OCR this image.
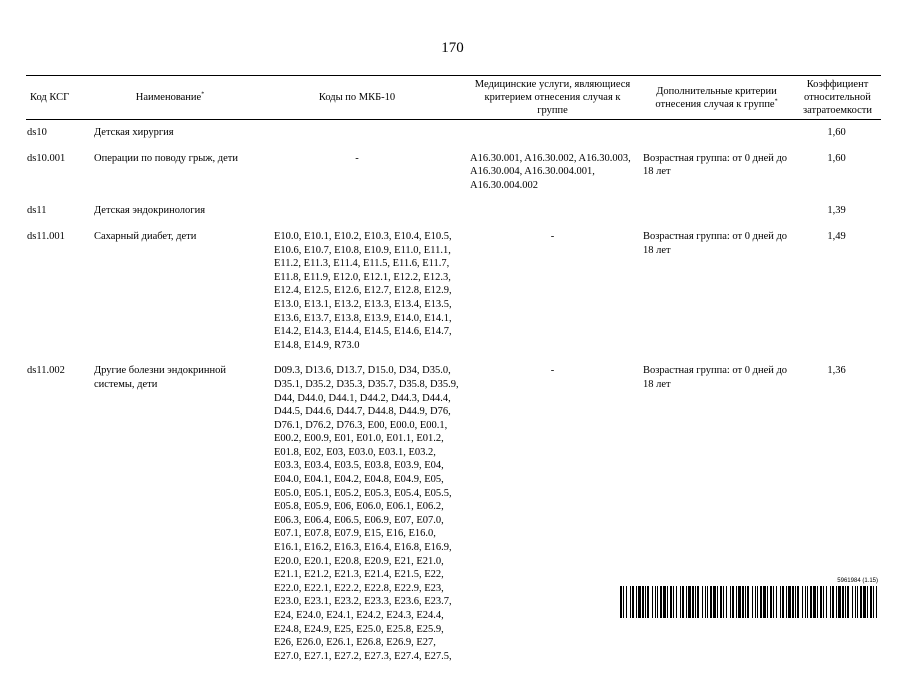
170
Код КСГ	Наименование*	Коды по МКБ-10	Медицинские услуги, являющиеся критерием отнесения случая к группе	Дополнительные критерии отнесения случая к группе*	Коэффициент относительной затратоемкости

ds10	Детская хирургия				1,60
ds10.001	Операции по поводу грыж, дети	-	A16.30.001, A16.30.002, A16.30.003, A16.30.004, A16.30.004.001, A16.30.004.002	Возрастная группа: от 0 дней до 18 лет	1,60
ds11	Детская эндокринология				1,39
ds11.001	Сахарный диабет, дети	E10.0, E10.1, E10.2, E10.3, E10.4, E10.5, E10.6, E10.7, E10.8, E10.9, E11.0, E11.1, E11.2, E11.3, E11.4, E11.5, E11.6, E11.7, E11.8, E11.9, E12.0, E12.1, E12.2, E12.3, E12.4, E12.5, E12.6, E12.7, E12.8, E12.9, E13.0, E13.1, E13.2, E13.3, E13.4, E13.5, E13.6, E13.7, E13.8, E13.9, E14.0, E14.1, E14.2, E14.3, E14.4, E14.5, E14.6, E14.7, E14.8, E14.9, R73.0	-	Возрастная группа: от 0 дней до 18 лет	1,49
ds11.002	Другие болезни эндокринной системы, дети	D09.3, D13.6, D13.7, D15.0, D34, D35.0, D35.1, D35.2, D35.3, D35.7, D35.8, D35.9, D44, D44.0, D44.1, D44.2, D44.3, D44.4, D44.5, D44.6, D44.7, D44.8, D44.9, D76, D76.1, D76.2, D76.3, E00, E00.0, E00.1, E00.2, E00.9, E01, E01.0, E01.1, E01.2, E01.8, E02, E03, E03.0, E03.1, E03.2, E03.3, E03.4, E03.5, E03.8, E03.9, E04, E04.0, E04.1, E04.2, E04.8, E04.9, E05, E05.0, E05.1, E05.2, E05.3, E05.4, E05.5, E05.8, E05.9, E06, E06.0, E06.1, E06.2, E06.3, E06.4, E06.5, E06.9, E07, E07.0, E07.1, E07.8, E07.9, E15, E16, E16.0, E16.1, E16.2, E16.3, E16.4, E16.8, E16.9, E20.0, E20.1, E20.8, E20.9, E21, E21.0, E21.1, E21.2, E21.3, E21.4, E21.5, E22, E22.0, E22.1, E22.2, E22.8, E22.9, E23, E23.0, E23.1, E23.2, E23.3, E23.6, E23.7, E24, E24.0, E24.1, E24.2, E24.3, E24.4, E24.8, E24.9, E25, E25.0, E25.8, E25.9, E26, E26.0, E26.1, E26.8, E26.9, E27, E27.0, E27.1, E27.2, E27.3, E27.4, E27.5,	-	Возрастная группа: от 0 дней до 18 лет	1,36
5961984 (1.15)
